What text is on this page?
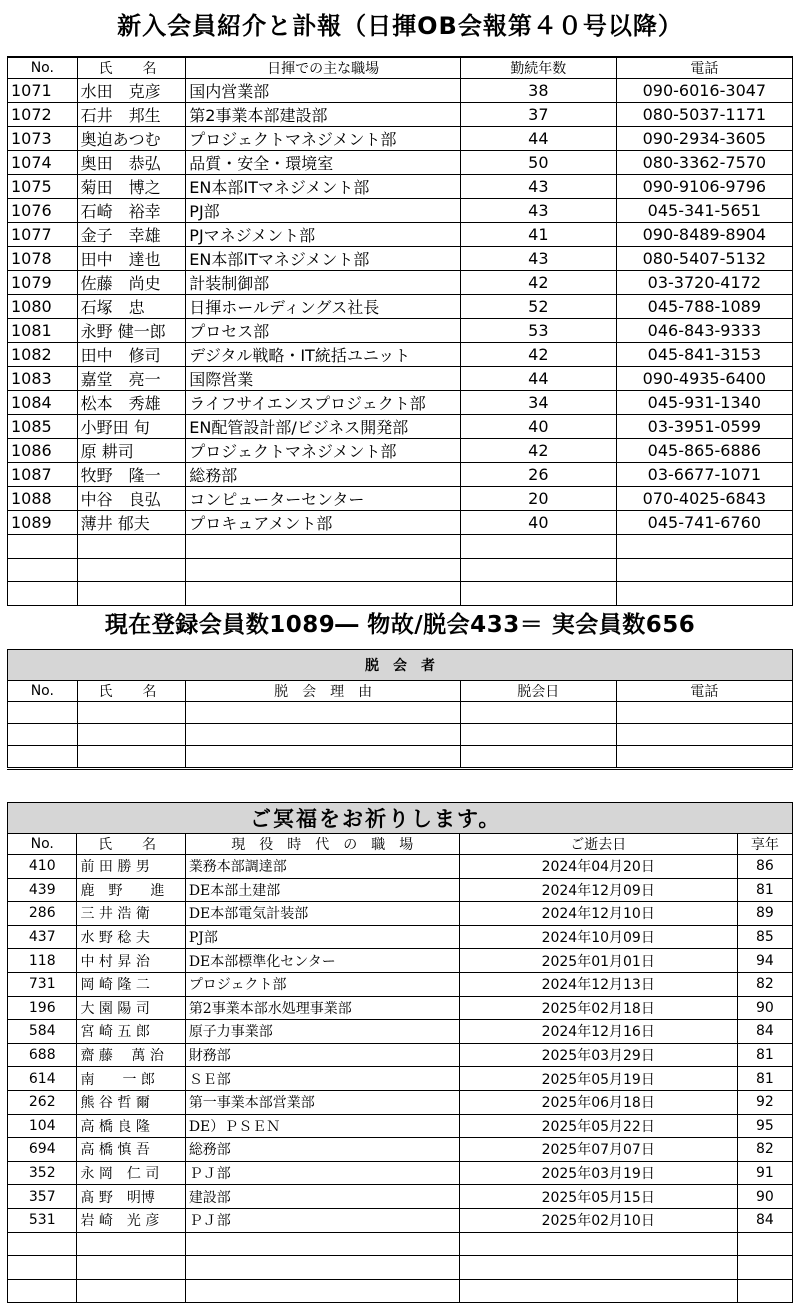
新入会員紹介と訃報（日揮OB会報第４０号以降）
No.	氏　名	日揮での主な職場	勤続年数	電話
1071	水田　克彦	国内営業部	38	090-6016-3047
1072	石井　邦生	第2事業本部建設部	37	080-5037-1171
1073	奥迫あつむ	プロジェクトマネジメント部	44	090-2934-3605
1074	奥田　恭弘	品質・安全・環境室	50	080-3362-7570
1075	菊田　博之	EN本部ITマネジメント部	43	090-9106-9796
1076	石崎　裕幸	PJ部	43	045-341-5651
1077	金子　幸雄	PJマネジメント部	41	090-8489-8904
1078	田中　達也	EN本部ITマネジメント部	43	080-5407-5132
1079	佐藤　尚史	計装制御部	42	03-3720-4172
1080	石塚　忠	日揮ホールディングス社長	52	045-788-1089
1081	永野 健一郎	プロセス部	53	046-843-9333
1082	田中　修司	デジタル戦略・IT統括ユニット	42	045-841-3153
1083	嘉堂　亮一	国際営業	44	090-4935-6400
1084	松本　秀雄	ライフサイエンスプロジェクト部	34	045-931-1340
1085	小野田 旬	EN配管設計部/ビジネス開発部	40	03-3951-0599
1086	原 耕司	プロジェクトマネジメント部	42	045-865-6886
1087	牧野　隆一	総務部	26	03-6677-1071
1088	中谷　良弘	コンピューターセンター	20	070-4025-6843
1089	薄井 郁夫	プロキュアメント部	40	045-741-6760

現在登録会員数1089― 物故/脱会433＝ 実会員数656
脱　会　者				
No.	氏　名	脱　会　理　由	脱会日	電話

ご冥福をお祈りします。				
No.	氏　名	現　役　時　代　の　職　場	ご逝去日	享年
410	前 田 勝 男	業務本部調達部	2024年04月20日	86
439	鹿　野　　進	DE本部土建部	2024年12月09日	81
286	三 井 浩 衛	DE本部電気計装部	2024年12月10日	89
437	水 野 稔 夫	PJ部	2024年10月09日	85
118	中 村 昇 治	DE本部標準化センター	2025年01月01日	94
731	岡 崎 隆 二	プロジェクト部	2024年12月13日	82
196	大 園 陽 司	第2事業本部水処理事業部	2025年02月18日	90
584	宮 崎 五 郎	原子力事業部	2024年12月16日	84
688	齋 藤　 萬 治	財務部	2025年03月29日	81
614	南　　一 郎	ＳＥ部	2025年05月19日	81
262	熊 谷 哲 爾	第一事業本部営業部	2025年06月18日	92
104	高 橋 良 隆	DE）ＰＳＥＮ	2025年05月22日	95
694	高 橋 慎 吾	総務部	2025年07月07日	82
352	永 岡　仁 司	ＰＪ部	2025年03月19日	91
357	髙 野　明博	建設部	2025年05月15日	90
531	岩 崎　光 彦	ＰＪ部	2025年02月10日	84
